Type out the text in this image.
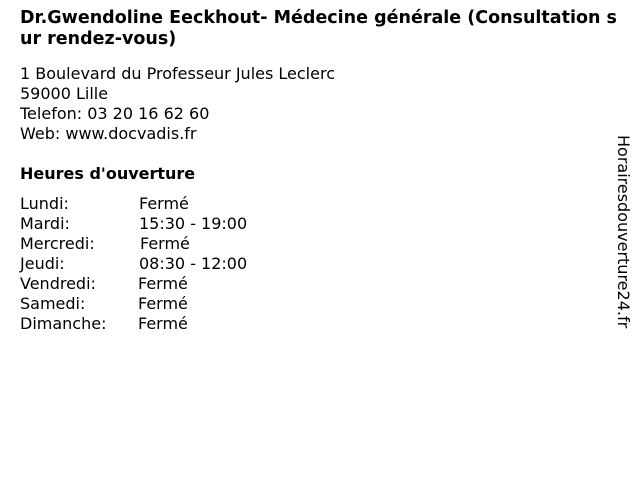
Dr.Gwendoline Eeckhout- Médecine générale (Consultation sur rendez-vous)
1 Boulevard du Professeur Jules Leclerc
59000 Lille
Telefon: 03 20 16 62 60
Web: www.docvadis.fr
Heures d'ouverture
Lundi:	Fermé
Mardi:	15:30 - 19:00
Mercredi:	Fermé
Jeudi:	08:30 - 12:00
Vendredi:	Fermé
Samedi:	Fermé
Dimanche: Fermé	Horairesdouverture24.fr
